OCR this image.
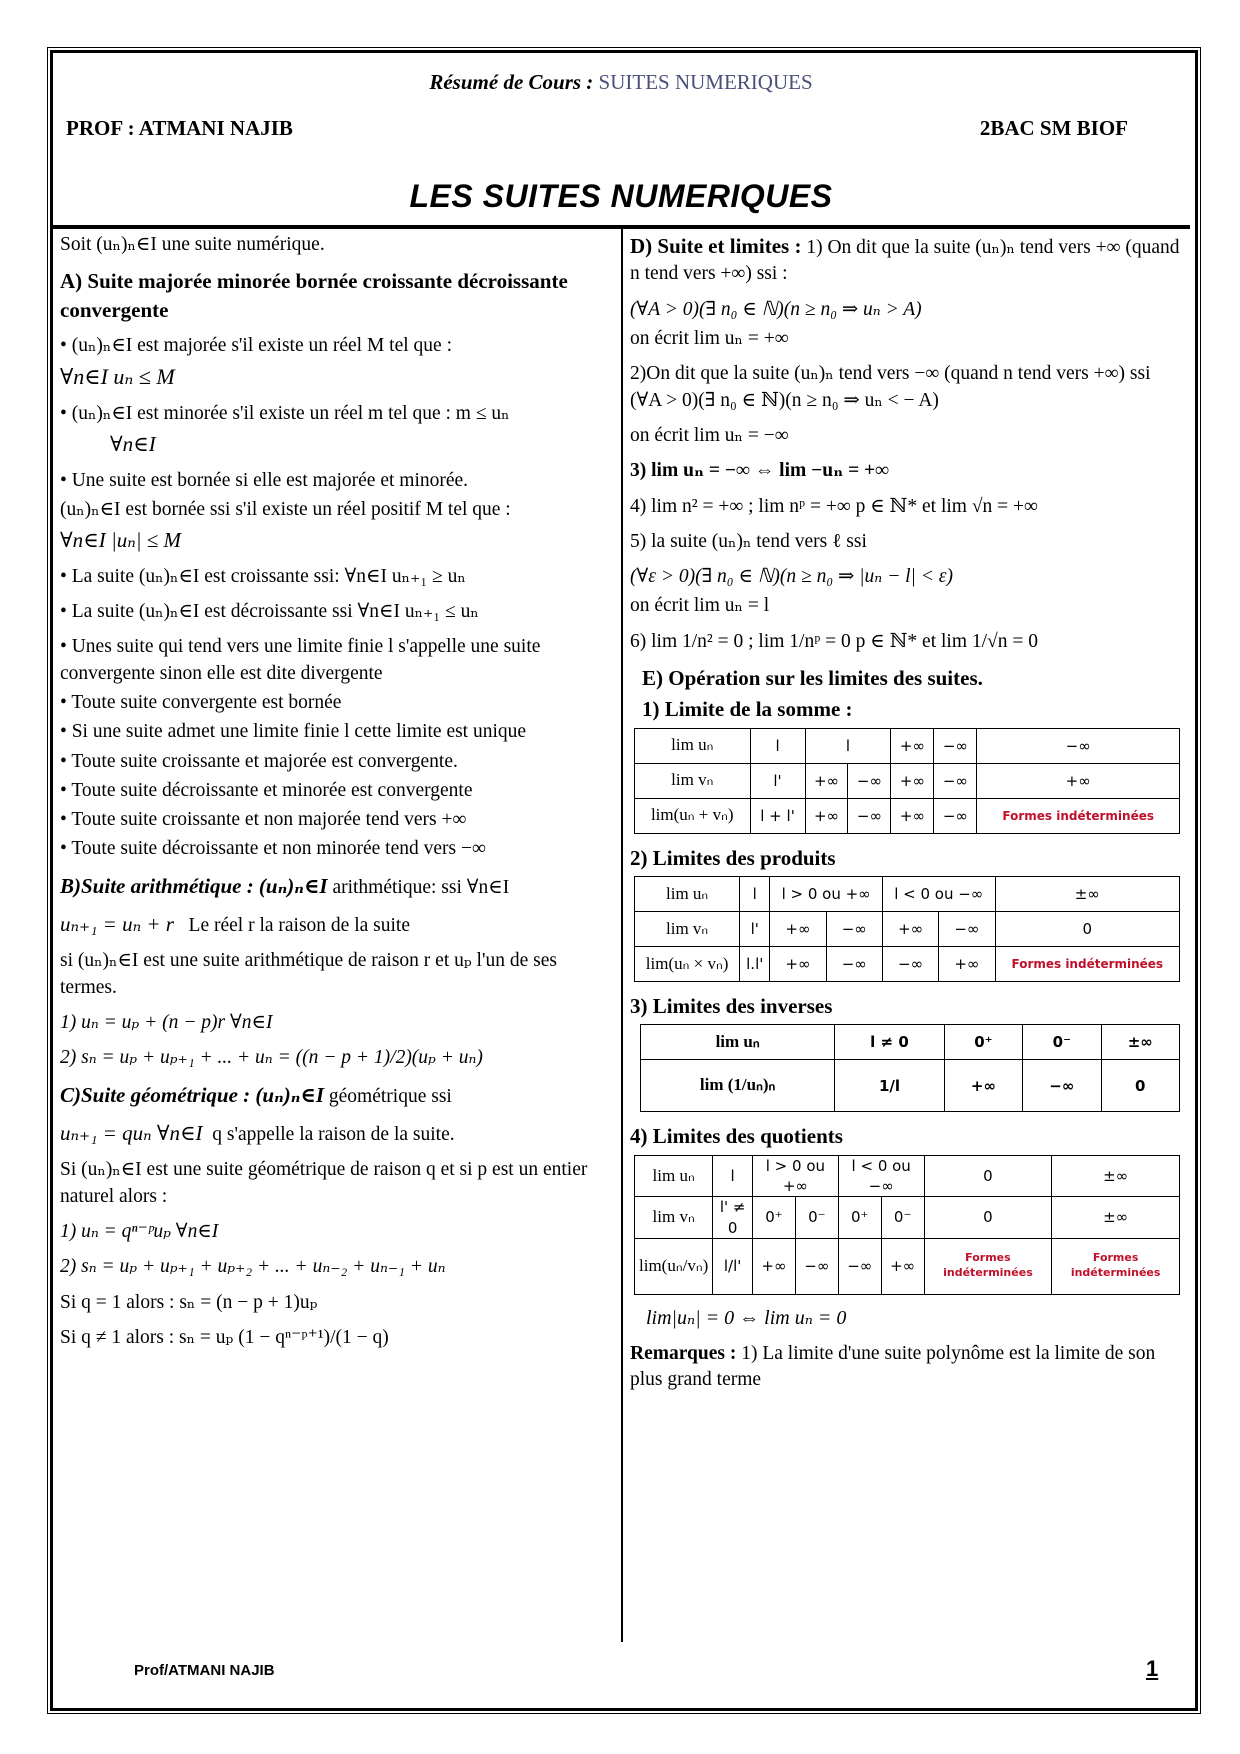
Résumé de Cours : SUITES NUMERIQUES
PROF : ATMANI NAJIB	2BAC SM BIOF
LES SUITES NUMERIQUES

Soit (uₙ)ₙ∈I une suite numérique.

A) Suite majorée minorée bornée croissante décroissante convergente

• (uₙ)ₙ∈I est majorée s'il existe un réel M tel que :

∀n∈I uₙ ≤ M

• (uₙ)ₙ∈I est minorée s'il existe un réel m tel que : m ≤ uₙ

∀n∈I

• Une suite est bornée si elle est majorée et minorée.

(uₙ)ₙ∈I est bornée ssi s'il existe un réel positif M tel que :

∀n∈I |uₙ| ≤ M

• La suite (uₙ)ₙ∈I est croissante ssi: ∀n∈I uₙ₊₁ ≥ uₙ

• La suite (uₙ)ₙ∈I est décroissante ssi ∀n∈I uₙ₊₁ ≤ uₙ

• Unes suite qui tend vers une limite finie l s'appelle une suite convergente sinon elle est dite divergente

• Toute suite convergente est bornée

• Si une suite admet une limite finie l cette limite est unique

• Toute suite croissante et majorée est convergente.

• Toute suite décroissante et minorée est convergente

• Toute suite croissante et non majorée tend vers +∞

• Toute suite décroissante et non minorée tend vers −∞

B)Suite arithmétique : (uₙ)ₙ∈I arithmétique: ssi ∀n∈I

uₙ₊₁ = uₙ + r Le réel r la raison de la suite

si (uₙ)ₙ∈I est une suite arithmétique de raison r et uₚ l'un de ses termes.

1) uₙ = uₚ + (n − p)r ∀n∈I

2) sₙ = uₚ + uₚ₊₁ + ... + uₙ = ((n − p + 1)/2)(uₚ + uₙ)

C)Suite géométrique : (uₙ)ₙ∈I géométrique ssi

uₙ₊₁ = quₙ ∀n∈I q s'appelle la raison de la suite.

Si (uₙ)ₙ∈I est une suite géométrique de raison q et si p est un entier naturel alors :

1) uₙ = qⁿ⁻ᵖuₚ ∀n∈I

2) sₙ = uₚ + uₚ₊₁ + uₚ₊₂ + ... + uₙ₋₂ + uₙ₋₁ + uₙ

Si q = 1 alors : sₙ = (n − p + 1)uₚ

Si q ≠ 1 alors : sₙ = uₚ (1 − qⁿ⁻ᵖ⁺¹)/(1 − q)

D) Suite et limites : 1) On dit que la suite (uₙ)ₙ tend vers +∞ (quand n tend vers +∞) ssi :

(∀A > 0)(∃ n₀ ∈ ℕ)(n ≥ n₀ ⇒ uₙ > A)

on écrit lim uₙ = +∞

2)On dit que la suite (uₙ)ₙ tend vers −∞ (quand n tend vers +∞) ssi (∀A > 0)(∃ n₀ ∈ ℕ)(n ≥ n₀ ⇒ uₙ < − A)

on écrit lim uₙ = −∞

3) lim uₙ = −∞ ⇔ lim −uₙ = +∞

4) lim n² = +∞ ; lim nᵖ = +∞ p ∈ ℕ* et lim √n = +∞

5) la suite (uₙ)ₙ tend vers ℓ ssi

(∀ε > 0)(∃ n₀ ∈ ℕ)(n ≥ n₀ ⇒ |uₙ − l| < ε)

on écrit lim uₙ = l

6) lim 1/n² = 0 ; lim 1/nᵖ = 0 p ∈ ℕ* et lim 1/√n = 0

E) Opération sur les limites des suites.

1) Limite de la somme :

lim uₙ	l	l		+∞	−∞	−∞
lim vₙ	l'	+∞	−∞	+∞	−∞	+∞
lim(uₙ + vₙ)	l + l'	+∞	−∞	+∞	−∞	Formes indéterminées

2) Limites des produits

lim uₙ	l	l > 0 ou +∞		l < 0 ou −∞		±∞
lim vₙ	l'	+∞	−∞	+∞	−∞	0
lim(uₙ × vₙ)	l.l'	+∞	−∞	−∞	+∞	Formes indéterminées

3) Limites des inverses

lim uₙ	l ≠ 0	0⁺	0⁻	±∞
lim (1/uₙ)ₙ	1/l	+∞	−∞	0

4) Limites des quotients

lim uₙ	l	l > 0 ou +∞		l < 0 ou −∞		0	±∞
lim vₙ	l' ≠ 0	0⁺	0⁻	0⁺	0⁻	0	±∞
lim(uₙ/vₙ)	l/l'	+∞	−∞	−∞	+∞	Formes indéterminées	Formes indéterminées

lim|uₙ| = 0 ⇔ lim uₙ = 0

Remarques : 1) La limite d'une suite polynôme est la limite de son plus grand terme

Prof/ATMANI NAJIB	1
